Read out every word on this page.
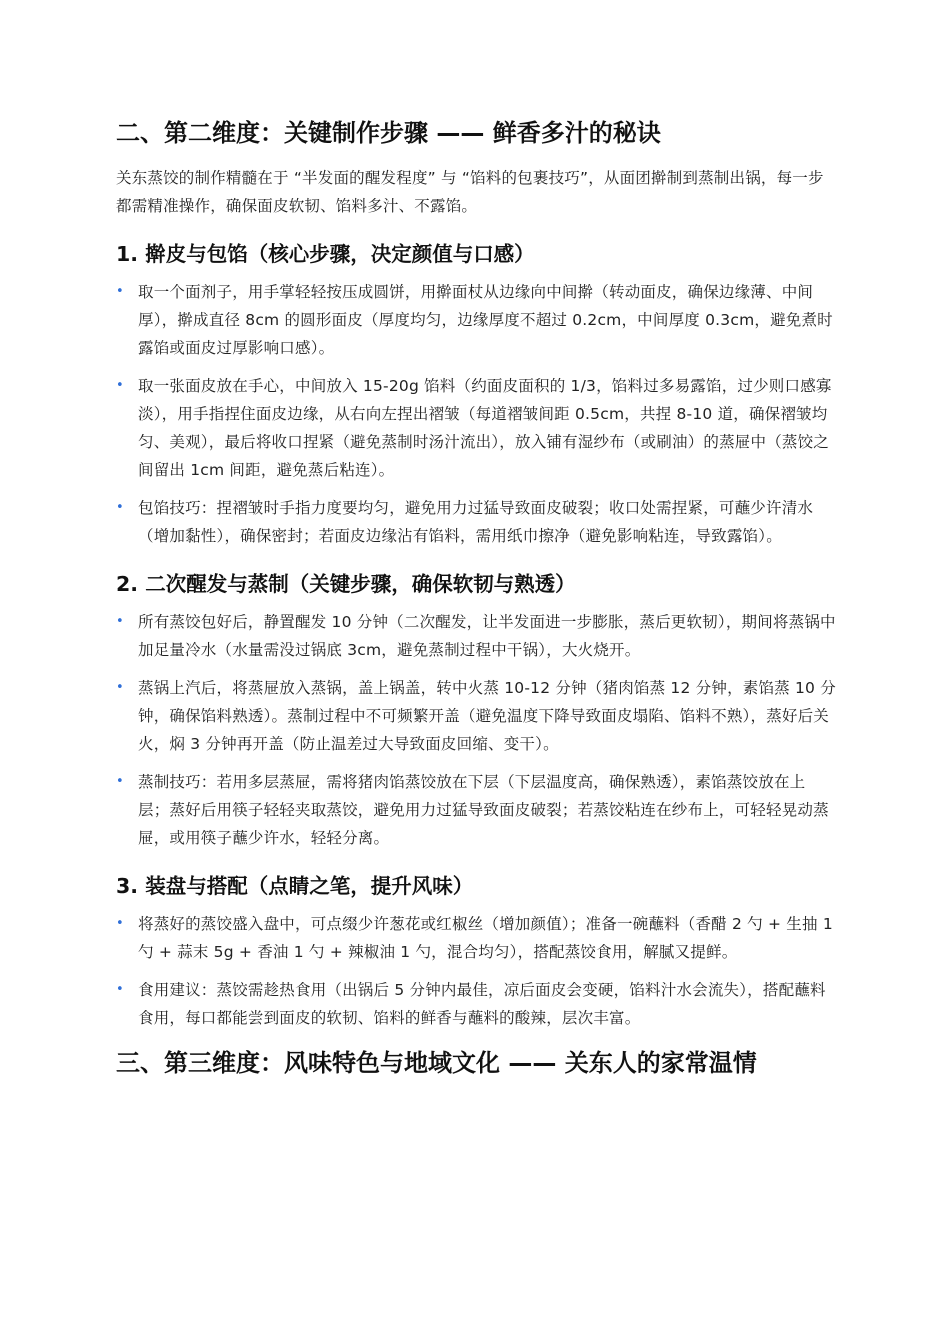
二、第二维度：关键制作步骤 —— 鲜香多汁的秘诀

关东蒸饺的制作精髓在于 “半发面的醒发程度” 与 “馅料的包裹技巧”，从面团擀制到蒸制出锅，每一步都需精准操作，确保面皮软韧、馅料多汁、不露馅。

1. 擀皮与包馅（核心步骤，决定颜值与口感）
• 取一个面剂子，用手掌轻轻按压成圆饼，用擀面杖从边缘向中间擀（转动面皮，确保边缘薄、中间厚），擀成直径 8cm 的圆形面皮（厚度均匀，边缘厚度不超过 0.2cm，中间厚度 0.3cm，避免煮时露馅或面皮过厚影响口感）。
• 取一张面皮放在手心，中间放入 15-20g 馅料（约面皮面积的 1/3，馅料过多易露馅，过少则口感寡淡），用手指捏住面皮边缘，从右向左捏出褶皱（每道褶皱间距 0.5cm，共捏 8-10 道，确保褶皱均匀、美观），最后将收口捏紧（避免蒸制时汤汁流出），放入铺有湿纱布（或刷油）的蒸屉中（蒸饺之间留出 1cm 间距，避免蒸后粘连）。
• 包馅技巧：捏褶皱时手指力度要均匀，避免用力过猛导致面皮破裂；收口处需捏紧，可蘸少许清水（增加黏性），确保密封；若面皮边缘沾有馅料，需用纸巾擦净（避免影响粘连，导致露馅）。
2. 二次醒发与蒸制（关键步骤，确保软韧与熟透）
• 所有蒸饺包好后，静置醒发 10 分钟（二次醒发，让半发面进一步膨胀，蒸后更软韧），期间将蒸锅中加足量冷水（水量需没过锅底 3cm，避免蒸制过程中干锅），大火烧开。
• 蒸锅上汽后，将蒸屉放入蒸锅，盖上锅盖，转中火蒸 10-12 分钟（猪肉馅蒸 12 分钟，素馅蒸 10 分钟，确保馅料熟透）。蒸制过程中不可频繁开盖（避免温度下降导致面皮塌陷、馅料不熟），蒸好后关火，焖 3 分钟再开盖（防止温差过大导致面皮回缩、变干）。
• 蒸制技巧：若用多层蒸屉，需将猪肉馅蒸饺放在下层（下层温度高，确保熟透），素馅蒸饺放在上层；蒸好后用筷子轻轻夹取蒸饺，避免用力过猛导致面皮破裂；若蒸饺粘连在纱布上，可轻轻晃动蒸屉，或用筷子蘸少许水，轻轻分离。
3. 装盘与搭配（点睛之笔，提升风味）
• 将蒸好的蒸饺盛入盘中，可点缀少许葱花或红椒丝（增加颜值）；准备一碗蘸料（香醋 2 勺 + 生抽 1 勺 + 蒜末 5g + 香油 1 勺 + 辣椒油 1 勺，混合均匀），搭配蒸饺食用，解腻又提鲜。
• 食用建议：蒸饺需趁热食用（出锅后 5 分钟内最佳，凉后面皮会变硬，馅料汁水会流失），搭配蘸料食用，每口都能尝到面皮的软韧、馅料的鲜香与蘸料的酸辣，层次丰富。
三、第三维度：风味特色与地域文化 —— 关东人的家常温情
